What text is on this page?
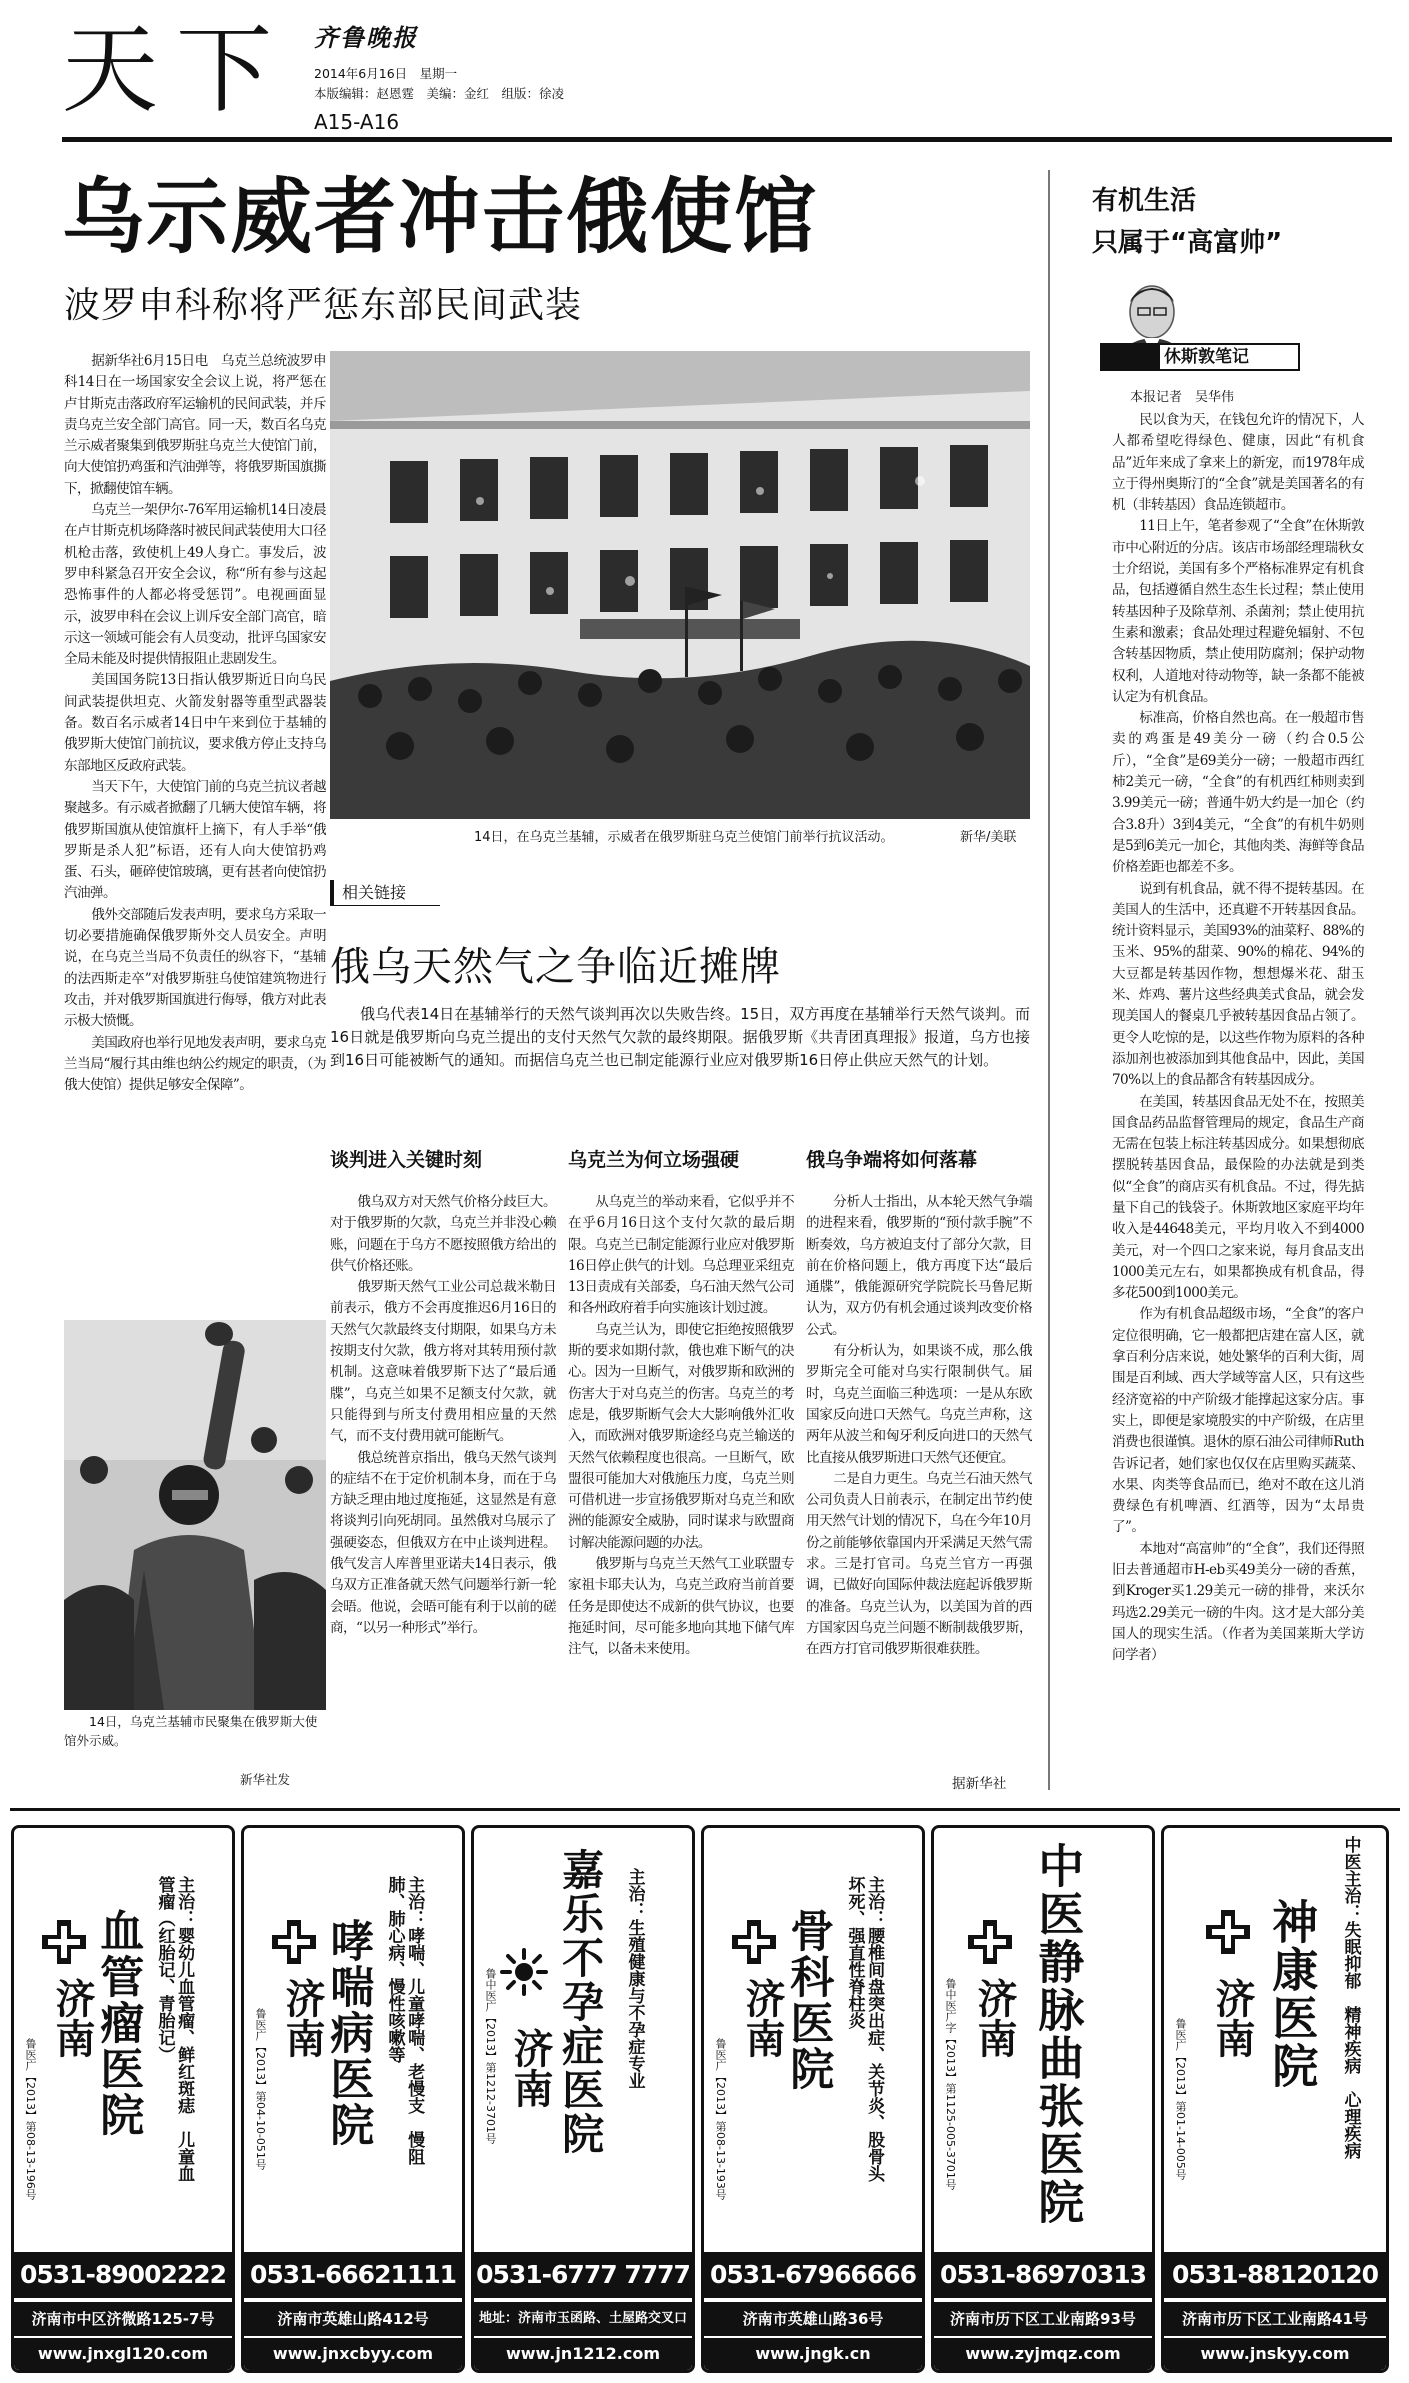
天下 齐鲁晚报
2014年6月16日　星期一
本版编辑：赵恩霆　美编：金红　组版：徐凌
A15-A16
乌示威者冲击俄使馆
波罗申科称将严惩东部民间武装

据新华社6月15日电　乌克兰总统波罗申科14日在一场国家安全会议上说，将严惩在卢甘斯克击落政府军运输机的民间武装，并斥责乌克兰安全部门高官。同一天，数百名乌克兰示威者聚集到俄罗斯驻乌克兰大使馆门前，向大使馆扔鸡蛋和汽油弹等，将俄罗斯国旗撕下，掀翻使馆车辆。

乌克兰一架伊尔-76军用运输机14日凌晨在卢甘斯克机场降落时被民间武装使用大口径机枪击落，致使机上49人身亡。事发后，波罗申科紧急召开安全会议，称“所有参与这起恐怖事件的人都必将受惩罚”。电视画面显示，波罗申科在会议上训斥安全部门高官，暗示这一领域可能会有人员变动，批评乌国家安全局未能及时提供情报阻止悲剧发生。

美国国务院13日指认俄罗斯近日向乌民间武装提供坦克、火箭发射器等重型武器装备。数百名示威者14日中午来到位于基辅的俄罗斯大使馆门前抗议，要求俄方停止支持乌东部地区反政府武装。

当天下午，大使馆门前的乌克兰抗议者越聚越多。有示威者掀翻了几辆大使馆车辆，将俄罗斯国旗从使馆旗杆上摘下，有人手举“俄罗斯是杀人犯”标语，还有人向大使馆扔鸡蛋、石头，砸碎使馆玻璃，更有甚者向使馆扔汽油弹。

俄外交部随后发表声明，要求乌方采取一切必要措施确保俄罗斯外交人员安全。声明说，在乌克兰当局不负责任的纵容下，“基辅的法西斯走卒”对俄罗斯驻乌使馆建筑物进行攻击，并对俄罗斯国旗进行侮辱，俄方对此表示极大愤慨。

美国政府也举行见地发表声明，要求乌克兰当局“履行其由维也纳公约规定的职责，（为俄大使馆）提供足够安全保障”。

14日，在乌克兰基辅，示威者在俄罗斯驻乌克兰使馆门前举行抗议活动。	新华/美联
相关链接
俄乌天然气之争临近摊牌

俄乌代表14日在基辅举行的天然气谈判再次以失败告终。15日，双方再度在基辅举行天然气谈判。而16日就是俄罗斯向乌克兰提出的支付天然气欠款的最终期限。据俄罗斯《共青团真理报》报道，乌方也接到16日可能被断气的通知。而据信乌克兰也已制定能源行业应对俄罗斯16日停止供应天然气的计划。

谈判进入关键时刻

俄乌双方对天然气价格分歧巨大。对于俄罗斯的欠款，乌克兰并非没心赖账，问题在于乌方不愿按照俄方给出的供气价格还账。

俄罗斯天然气工业公司总裁米勒日前表示，俄方不会再度推迟6月16日的天然气欠款最终支付期限，如果乌方未按期支付欠款，俄方将对其转用预付款机制。这意味着俄罗斯下达了“最后通牒”，乌克兰如果不足额支付欠款，就只能得到与所支付费用相应量的天然气，而不支付费用就可能断气。

俄总统普京指出，俄乌天然气谈判的症结不在于定价机制本身，而在于乌方缺乏理由地过度拖延，这显然是有意将谈判引向死胡同。虽然俄对乌展示了强硬姿态，但俄双方在中止谈判进程。俄气发言人库普里亚诺夫14日表示，俄乌双方正准备就天然气问题举行新一轮会晤。他说，会晤可能有利于以前的磋商，“以另一种形式”举行。

乌克兰为何立场强硬

从乌克兰的举动来看，它似乎并不在乎6月16日这个支付欠款的最后期限。乌克兰已制定能源行业应对俄罗斯16日停止供气的计划。乌总理亚采纽克13日责成有关部委，乌石油天然气公司和各州政府着手向实施该计划过渡。

乌克兰认为，即使它拒绝按照俄罗斯的要求如期付款，俄也难下断气的决心。因为一旦断气，对俄罗斯和欧洲的伤害大于对乌克兰的伤害。乌克兰的考虑是，俄罗斯断气会大大影响俄外汇收入，而欧洲对俄罗斯途经乌克兰输送的天然气依赖程度也很高。一旦断气，欧盟很可能加大对俄施压力度，乌克兰则可借机进一步宣扬俄罗斯对乌克兰和欧洲的能源安全威胁，同时谋求与欧盟商讨解决能源问题的办法。

俄罗斯与乌克兰天然气工业联盟专家祖卡耶夫认为，乌克兰政府当前首要任务是即使达不成新的供气协议，也要拖延时间，尽可能多地向其地下储气库注气，以备未来使用。

俄乌争端将如何落幕

分析人士指出，从本轮天然气争端的进程来看，俄罗斯的“预付款手腕”不断奏效，乌方被迫支付了部分欠款，目前在价格问题上，俄方再度下达“最后通牒”，俄能源研究学院院长马鲁尼斯认为，双方仍有机会通过谈判改变价格公式。

有分析认为，如果谈不成，那么俄罗斯完全可能对乌实行限制供气。届时，乌克兰面临三种选项：一是从东欧国家反向进口天然气。乌克兰声称，这两年从波兰和匈牙利反向进口的天然气比直接从俄罗斯进口天然气还便宜。

二是自力更生。乌克兰石油天然气公司负责人日前表示，在制定出节约使用天然气计划的情况下，乌在今年10月份之前能够依靠国内开采满足天然气需求。三是打官司。乌克兰官方一再强调，已做好向国际仲裁法庭起诉俄罗斯的准备。乌克兰认为，以美国为首的西方国家因乌克兰问题不断制裁俄罗斯，在西方打官司俄罗斯很难获胜。

据新华社
14日，乌克兰基辅市民聚集在俄罗斯大使馆外示威。
新华社发
有机生活
只属于“高富帅”
休斯敦笔记
本报记者　吴华伟

民以食为天，在钱包允许的情况下，人人都希望吃得绿色、健康，因此“有机食品”近年来成了拿来上的新宠，而1978年成立于得州奥斯汀的“全食”就是美国著名的有机（非转基因）食品连锁超市。

11日上午，笔者参观了“全食”在休斯敦市中心附近的分店。该店市场部经理瑞秋女士介绍说，美国有多个严格标准界定有机食品，包括遵循自然生态生长过程；禁止使用转基因种子及除草剂、杀菌剂；禁止使用抗生素和激素；食品处理过程避免辐射、不包含转基因物质，禁止使用防腐剂；保护动物权利，人道地对待动物等，缺一条都不能被认定为有机食品。

标准高，价格自然也高。在一般超市售卖的鸡蛋是49美分一磅（约合0.5公斤），“全食”是69美分一磅；一般超市西红柿2美元一磅，“全食”的有机西红柿则卖到3.99美元一磅；普通牛奶大约是一加仑（约合3.8升）3到4美元，“全食”的有机牛奶则是5到6美元一加仑，其他肉类、海鲜等食品价格差距也都差不多。

说到有机食品，就不得不提转基因。在美国人的生活中，还真避不开转基因食品。统计资料显示，美国93%的油菜籽、88%的玉米、95%的甜菜、90%的棉花、94%的大豆都是转基因作物，想想爆米花、甜玉米、炸鸡、薯片这些经典美式食品，就会发现美国人的餐桌几乎被转基因食品占领了。更令人吃惊的是，以这些作物为原料的各种添加剂也被添加到其他食品中，因此，美国70%以上的食品都含有转基因成分。

在美国，转基因食品无处不在，按照美国食品药品监督管理局的规定，食品生产商无需在包装上标注转基因成分。如果想彻底摆脱转基因食品，最保险的办法就是到类似“全食”的商店买有机食品。不过，得先掂量下自己的钱袋子。休斯敦地区家庭平均年收入是44648美元，平均月收入不到4000美元，对一个四口之家来说，每月食品支出1000美元左右，如果都换成有机食品，得多花500到1000美元。

作为有机食品超级市场，“全食”的客户定位很明确，它一般都把店建在富人区，就拿百利分店来说，她处繁华的百利大街，周围是百利域、西大学域等富人区，只有这些经济宽裕的中产阶级才能撑起这家分店。事实上，即便是家境殷实的中产阶级，在店里消费也很谨慎。退休的原石油公司律师Ruth告诉记者，她们家也仅仅在店里购买蔬菜、水果、肉类等食品而已，绝对不敢在这儿消费绿色有机啤酒、红酒等，因为“太昂贵了”。

本地对“高富帅”的“全食”，我们还得照旧去普通超市H-eb买49美分一磅的香蕉，到Kroger买1.29美元一磅的排骨，来沃尔玛选2.29美元一磅的牛肉。这才是大部分美国人的现实生活。（作者为美国莱斯大学访问学者）

鲁医广【2013】第08-13-196号
济南
血管瘤医院	主治：婴幼儿血管瘤、鲜红斑痣　儿童血管瘤（红胎记、青胎记）
0531-89002222
济南市中区济微路125-7号
www.jnxgl120.com
鲁医广【2013】第04-10-051号 济南
哮喘病医院	主治：哮喘、儿童哮喘、老慢支　慢阻肺、肺心病、慢性咳嗽等
0531-66621111
济南市英雄山路412号
www.jnxcbyy.com
鲁中医广【2013】第1212-3701号 济南 嘉乐不孕症医院 主治：生殖健康与不孕症专业
0531-6777 7777
地址：济南市玉函路、土屋路交叉口
www.jn1212.com
鲁医广【2013】第08-13-193号
济南
骨科医院	主治：腰椎间盘突出症、关节炎、股骨头坏死、强直性脊柱炎
0531-67966666
济南市英雄山路36号
www.jngk.cn
鲁中医广字【2013】第1125-005-3701号 济南 中医静脉曲张医院
0531-86970313
济南市历下区工业南路93号
www.zyjmqz.com
鲁医广【2013】第01-14-005号 济南 神康医院 中医主治：失眠抑郁　精神疾病　心理疾病
0531-88120120
济南市历下区工业南路41号
www.jnskyy.com
